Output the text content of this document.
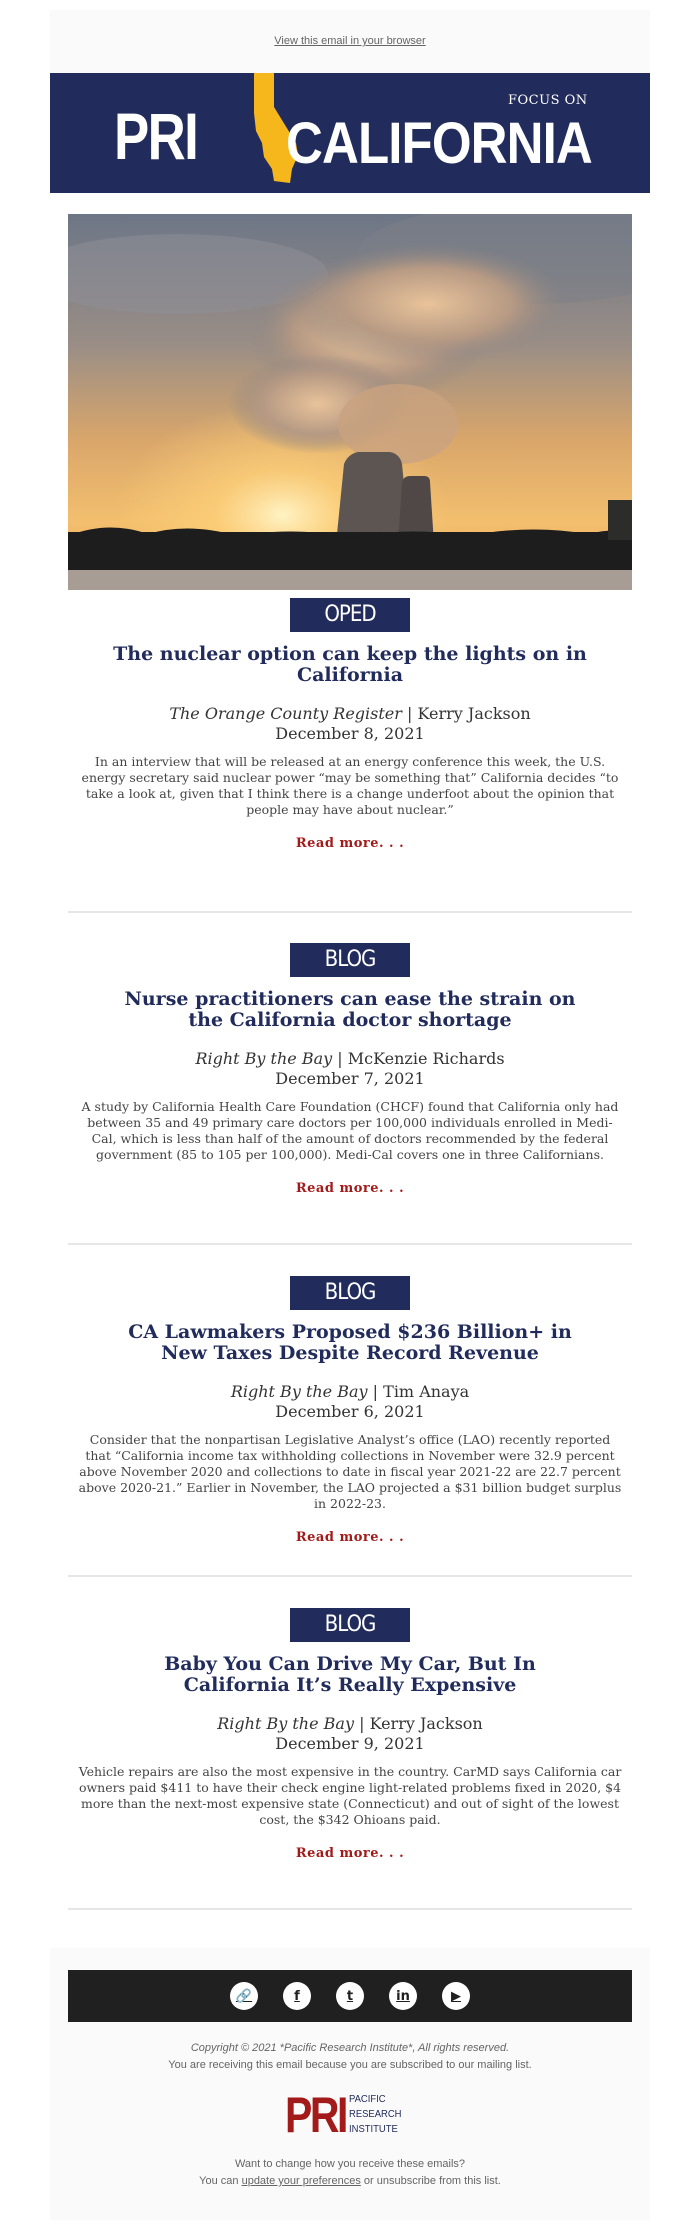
View this email in your browser
PRI	FOCUS ON
CALIFORNIA
OPED
The nuclear option can keep the lights on in California
The Orange County Register | Kerry Jackson
December 8, 2021
In an interview that will be released at an energy conference this week, the U.S. energy secretary said nuclear power “may be something that” California decides “to take a look at, given that I think there is a change underfoot about the opinion that people may have about nuclear.”
Read more. . .
BLOG
Nurse practitioners can ease the strain on the California doctor shortage
Right By the Bay | McKenzie Richards
December 7, 2021
A study by California Health Care Foundation (CHCF) found that California only had between 35 and 49 primary care doctors per 100,000 individuals enrolled in Medi-Cal, which is less than half of the amount of doctors recommended by the federal government (85 to 105 per 100,000). Medi-Cal covers one in three Californians.
Read more. . .
BLOG
CA Lawmakers Proposed $236 Billion+ in New Taxes Despite Record Revenue
Right By the Bay | Tim Anaya
December 6, 2021
Consider that the nonpartisan Legislative Analyst’s office (LAO) recently reported that “California income tax withholding collections in November were 32.9 percent above November 2020 and collections to date in fiscal year 2021-22 are 22.7 percent above 2020-21.” Earlier in November, the LAO projected a $31 billion budget surplus in 2022-23.
Read more. . .
BLOG
Baby You Can Drive My Car, But In California It’s Really Expensive
Right By the Bay | Kerry Jackson
December 9, 2021
Vehicle repairs are also the most expensive in the country. CarMD says California car owners paid $411 to have their check engine light-related problems fixed in 2020, $4 more than the next-most expensive state (Connecticut) and out of sight of the lowest cost, the $342 Ohioans paid.
Read more. . .
🔗	f	t	in	▶
Copyright © 2021 *Pacific Research Institute*, All rights reserved.
You are receiving this email because you are subscribed to our mailing list.
PRI PACIFIC
RESEARCH
INSTITUTE
Want to change how you receive these emails?
You can update your preferences or unsubscribe from this list.
